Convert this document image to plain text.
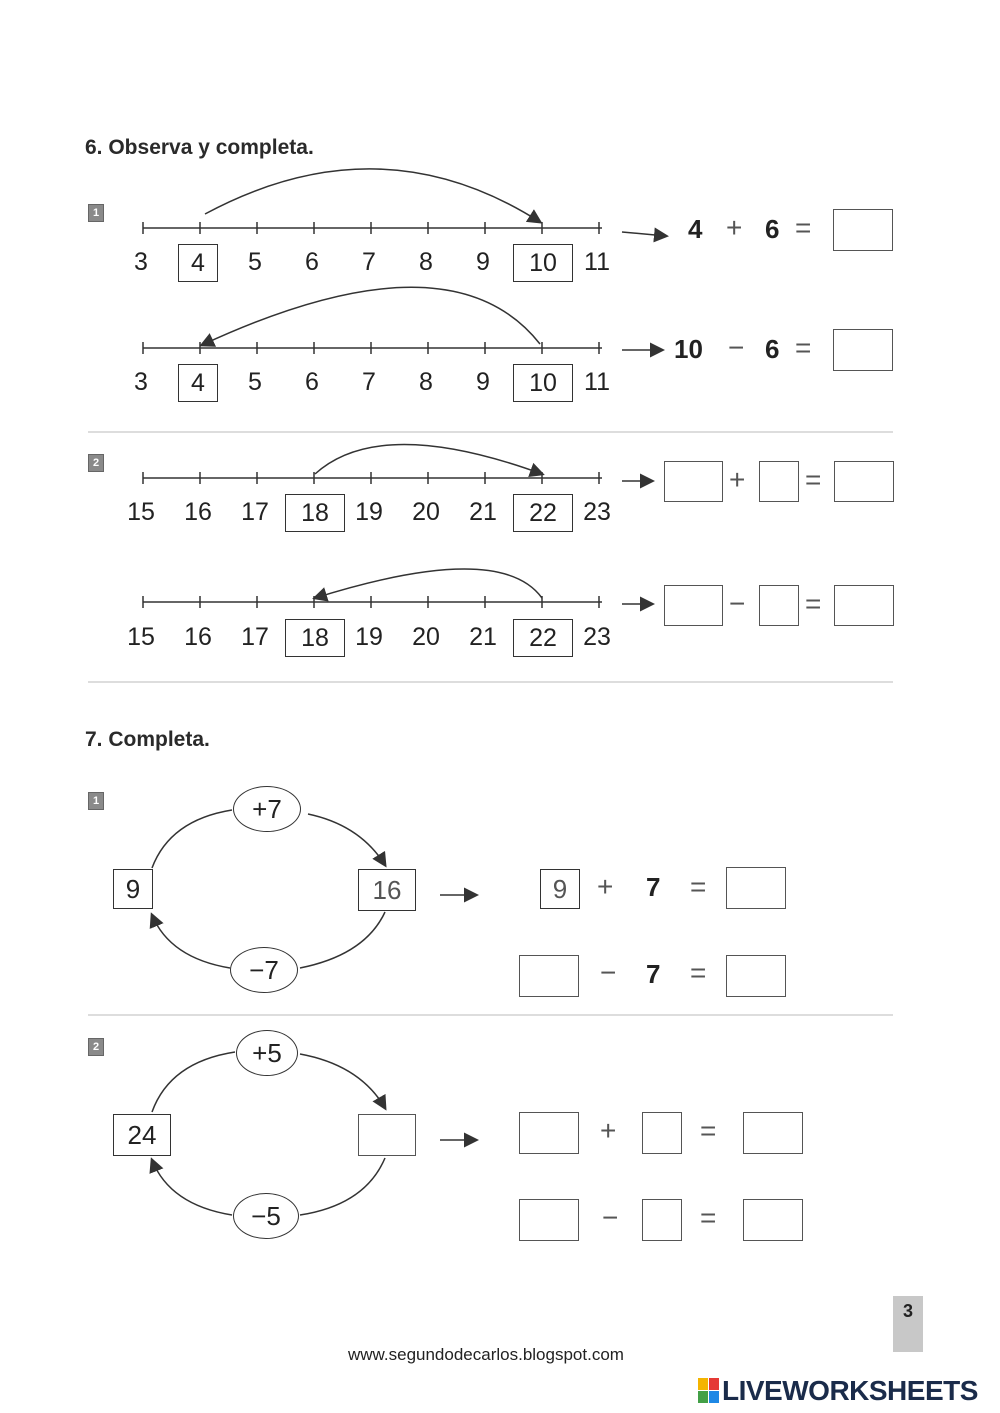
6. Observa y completa.
1
3	4	5	6	7	8	9	10	11
4 + 6 =
3	4	5	6	7	8	9	10	11
10 − 6 =
2
15 16 17	18	19 20 21	22	23
+ =
15 16 17	18	19 20 21	22	23
− =
7. Completa.
1	+7
9	16
−7
9	+ 7 =
− 7 =
2	+5
24
−5
+	=
−	=
3
www.segundodecarlos.blogspot.com
LIVEWORKSHEETS
